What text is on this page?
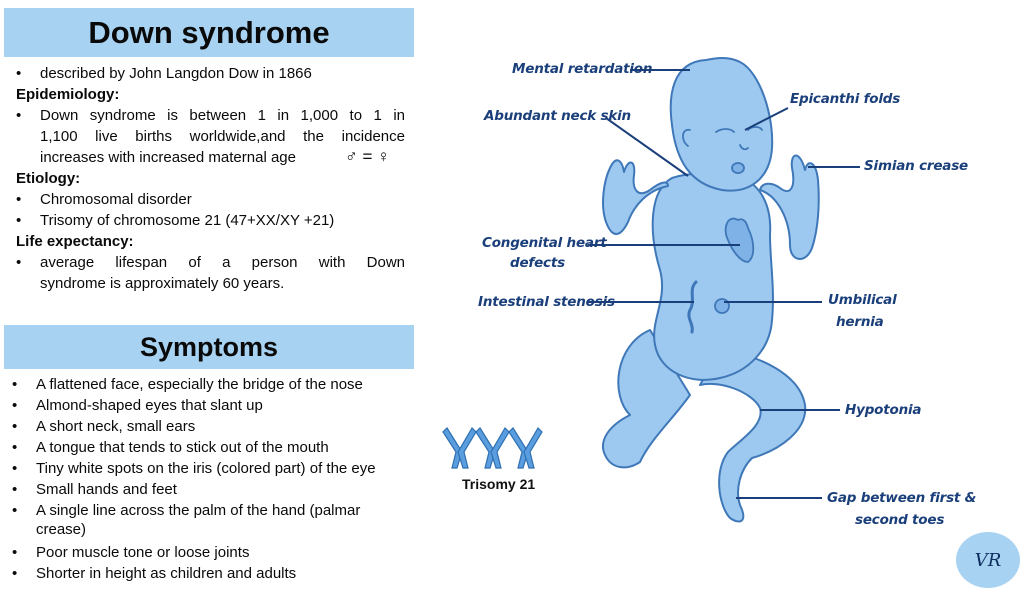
Down syndrome
• described by John Langdon Dow in 1866
Epidemiology:
• Down syndrome is between 1 in 1,000 to 1 in
1,100 live births worldwide,and the incidence
increases with increased maternal age	♂ = ♀
Etiology:
• Chromosomal disorder
• Trisomy of chromosome 21 (47+XX/XY +21)
Life expectancy:
• average lifespan of a person with Down
syndrome is approximately 60 years.
Symptoms
• A flattened face, especially the bridge of the nose
• Almond-shaped eyes that slant up
• A short neck, small ears
• A tongue that tends to stick out of the mouth
• Tiny white spots on the iris (colored part) of the eye
• Small hands and feet
• A single line across the palm of the hand (palmar
crease)
• Poor muscle tone or loose joints
• Shorter in height as children and adults
Mental retardation
Abundant neck skin
Epicanthi folds
Simian crease
Congenital heart
defects
Intestinal stenosis	Umbilical
hernia
Hypotonia
Gap between first &
second toes
Trisomy 21
VR
